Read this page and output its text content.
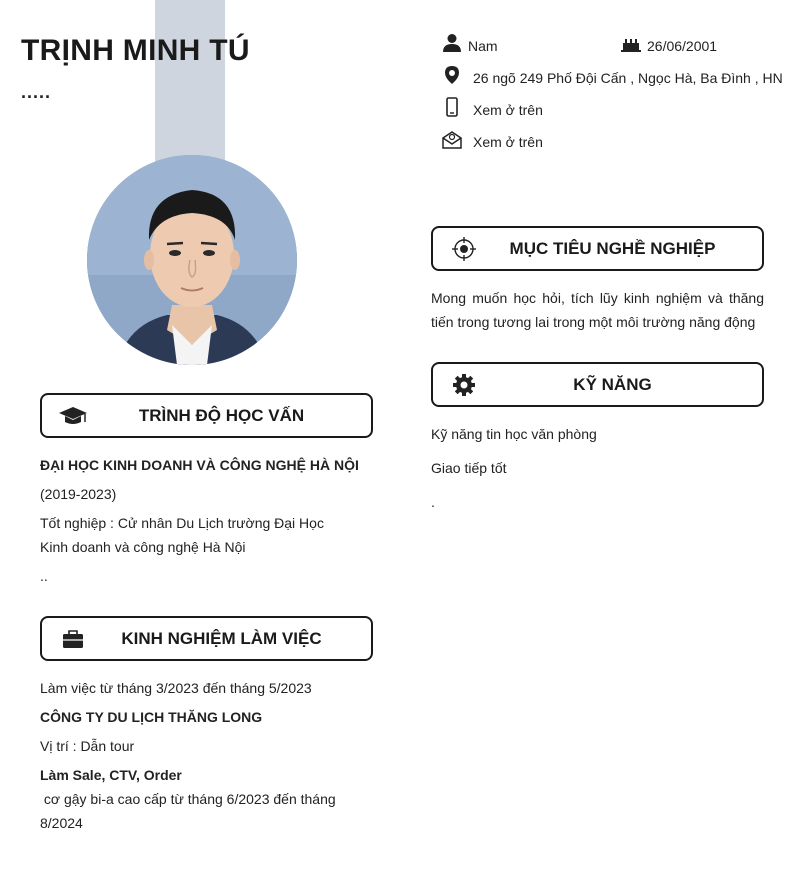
TRỊNH MINH TÚ
.....
Nam	26/06/2001
26 ngõ 249 Phố Đội Cấn , Ngọc Hà, Ba Đình , HN
Xem ở trên
Xem ở trên
TRÌNH ĐỘ HỌC VẤN
ĐẠI HỌC KINH DOANH VÀ CÔNG NGHỆ HÀ NỘI
(2019-2023)
Tốt nghiệp : Cử nhân Du Lịch trường Đại Học
Kinh doanh và công nghệ Hà Nội
..
KINH NGHIỆM LÀM VIỆC
Làm việc từ tháng 3/2023 đến tháng 5/2023
CÔNG TY DU LỊCH THĂNG LONG
Vị trí : Dẫn tour
Làm Sale, CTV, Order
cơ gậy bi-a cao cấp từ tháng 6/2023 đến tháng
8/2024
MỤC TIÊU NGHỀ NGHIỆP
Mong muốn học hỏi, tích lũy kinh nghiệm và thăng tiến trong tương lai trong một môi trường năng động
KỸ NĂNG
Kỹ năng tin học văn phòng
Giao tiếp tốt
.
